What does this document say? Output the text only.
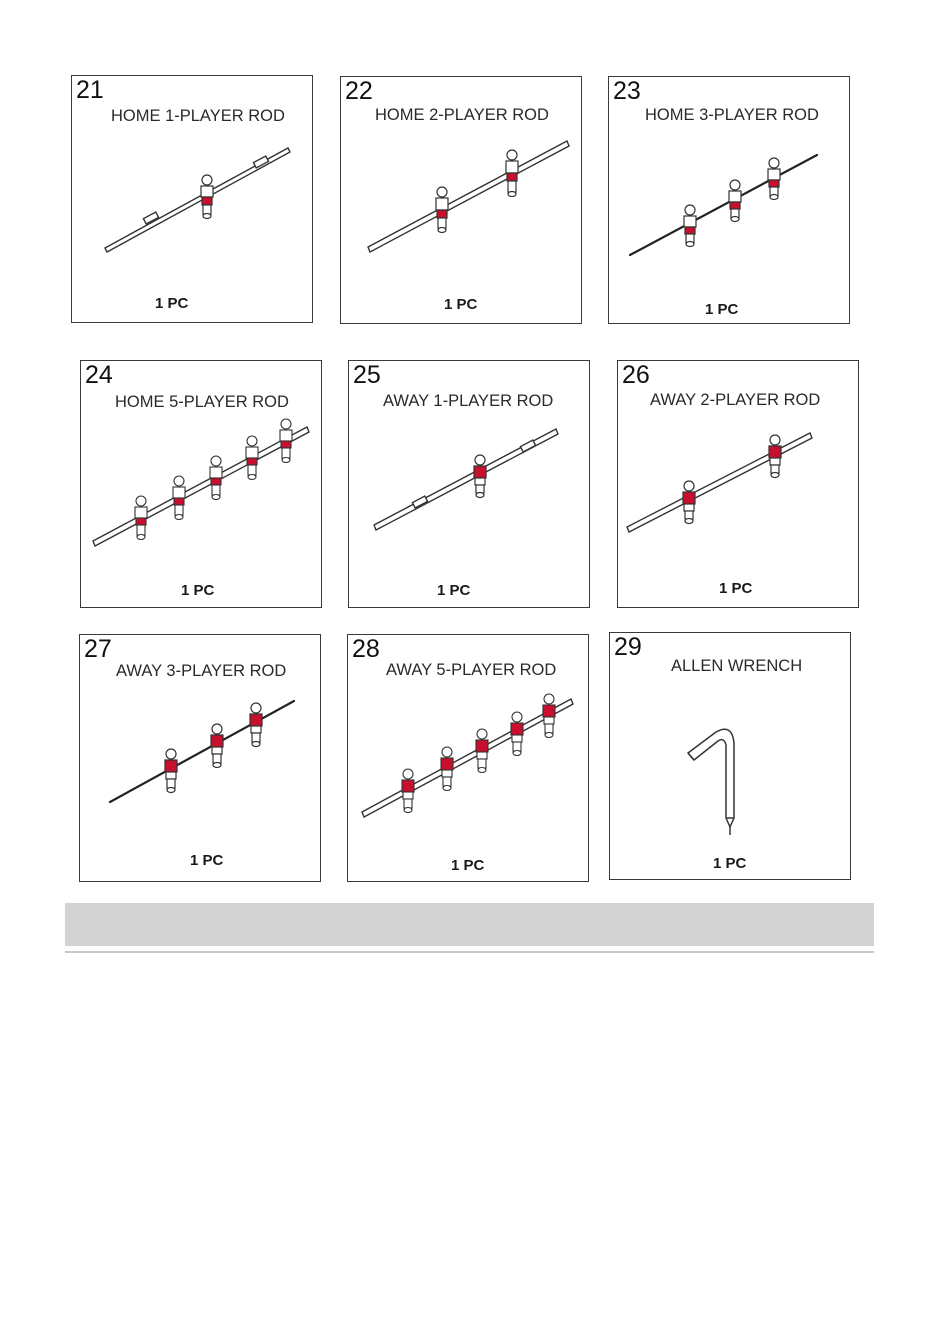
21
HOME 1-PLAYER ROD
1 PC
22
HOME 2-PLAYER ROD
1 PC
23
HOME 3-PLAYER ROD
1 PC
24
HOME 5-PLAYER ROD
1 PC
25
AWAY 1-PLAYER ROD
1 PC
26
AWAY 2-PLAYER ROD
1 PC
27
AWAY 3-PLAYER ROD
1 PC
28
AWAY 5-PLAYER ROD
1 PC
29
ALLEN WRENCH
1 PC
